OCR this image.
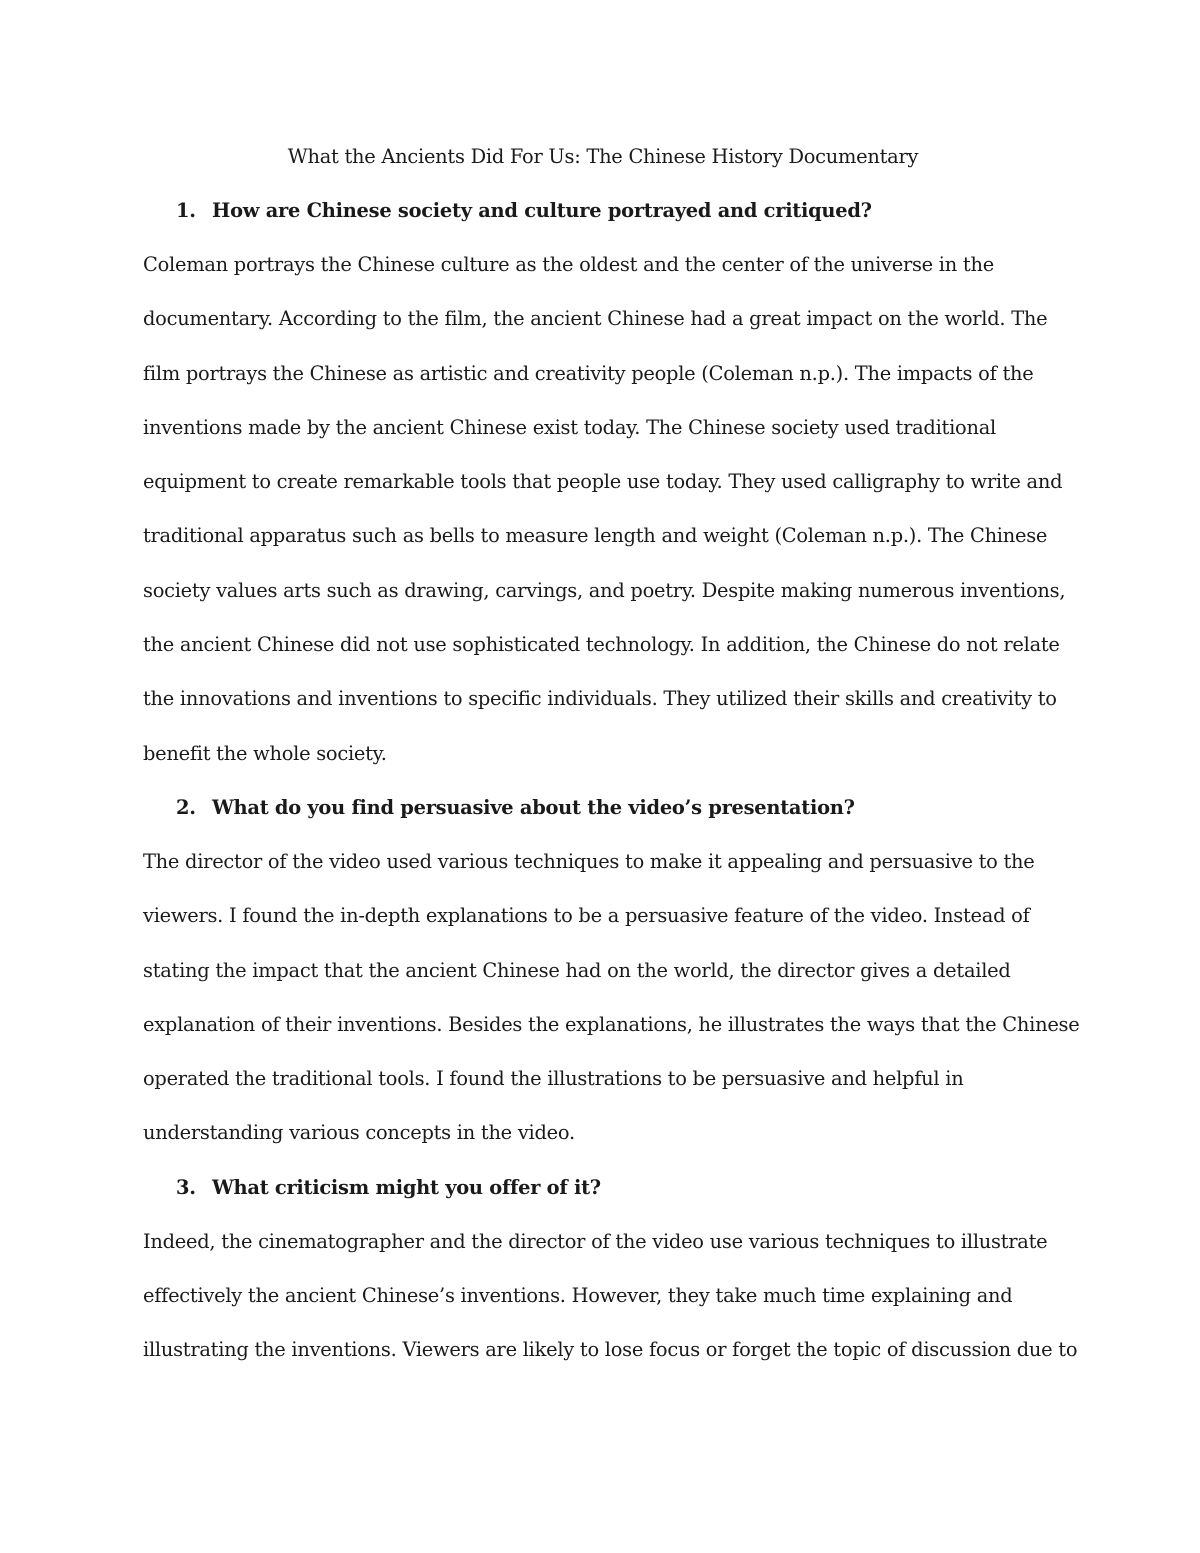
What the Ancients Did For Us: The Chinese History Documentary
1. How are Chinese society and culture portrayed and critiqued?

Coleman portrays the Chinese culture as the oldest and the center of the universe in the
documentary. According to the film, the ancient Chinese had a great impact on the world. The
film portrays the Chinese as artistic and creativity people (Coleman n.p.). The impacts of the
inventions made by the ancient Chinese exist today. The Chinese society used traditional
equipment to create remarkable tools that people use today. They used calligraphy to write and
traditional apparatus such as bells to measure length and weight (Coleman n.p.). The Chinese
society values arts such as drawing, carvings, and poetry. Despite making numerous inventions,
the ancient Chinese did not use sophisticated technology. In addition, the Chinese do not relate
the innovations and inventions to specific individuals. They utilized their skills and creativity to
benefit the whole society.

2. What do you find persuasive about the video’s presentation?

The director of the video used various techniques to make it appealing and persuasive to the
viewers. I found the in-depth explanations to be a persuasive feature of the video. Instead of
stating the impact that the ancient Chinese had on the world, the director gives a detailed
explanation of their inventions. Besides the explanations, he illustrates the ways that the Chinese
operated the traditional tools. I found the illustrations to be persuasive and helpful in
understanding various concepts in the video.

3. What criticism might you offer of it?

Indeed, the cinematographer and the director of the video use various techniques to illustrate
effectively the ancient Chinese’s inventions. However, they take much time explaining and
illustrating the inventions. Viewers are likely to lose focus or forget the topic of discussion due to
